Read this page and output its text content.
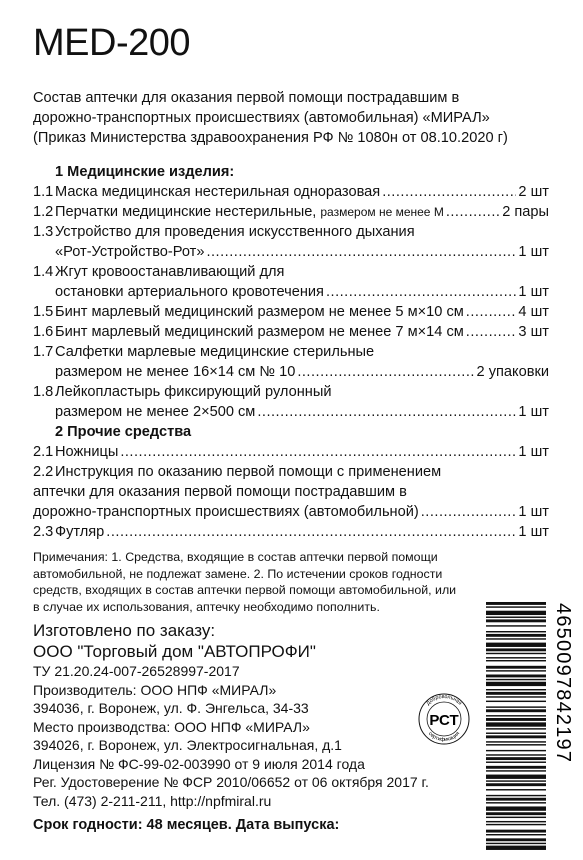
MED-200
Состав аптечки для оказания первой помощи пострадавшим в
дорожно-транспортных происшествиях (автомобильная) «МИРАЛ»
(Приказ Министерства здравоохранения РФ № 1080н от 08.10.2020 г)
1 Медицинские изделия:
1.1 Маска медицинская нестерильная одноразовая .....	2 шт
1.2 Перчатки медицинские нестерильные, размером не менее M .....	2 пары
1.3 Устройство для проведения искусственного дыхания
«Рот-Устройство-Рот» .....	1 шт
1.4 Жгут кровоостанавливающий для
остановки артериального кровотечения .....	1 шт
1.5 Бинт марлевый медицинский размером не менее 5 м×10 см .....	4 шт
1.6 Бинт марлевый медицинский размером не менее 7 м×14 см .....	3 шт
1.7 Салфетки марлевые медицинские стерильные
размером не менее 16×14 см № 10 .....	2 упаковки
1.8 Лейкопластырь фиксирующий рулонный
размером не менее 2×500 см .....	1 шт
2 Прочие средства
2.1 Ножницы .....	1 шт
2.2 Инструкция по оказанию первой помощи с применением
аптечки для оказания первой помощи пострадавшим в
дорожно-транспортных происшествиях (автомобильной) .....	1 шт
2.3 Футляр .....	1 шт
Примечания: 1. Средства, входящие в состав аптечки первой помощи
автомобильной, не подлежат замене. 2. По истечении сроков годности
средств, входящих в состав аптечки первой помощи автомобильной, или
в случае их использования, аптечку необходимо пополнить.
Изготовлено по заказу:
ООО "Торговый дом "АВТОПРОФИ"
ТУ 21.20.24-007-26528997-2017
Производитель: ООО НПФ «МИРАЛ»
394036, г. Воронеж, ул. Ф. Энгельса, 34-33
Место производства: ООО НПФ «МИРАЛ»
394026, г. Воронеж, ул. Электросигнальная, д.1
Лицензия № ФС-99-02-003990 от 9 июля 2014 года
Рег. Удостоверение № ФСР 2010/06652 от 06 октября 2017 г.
Тел. (473) 2-211-211, http://npfmiral.ru
Срок годности: 48 месяцев. Дата выпуска:
Добровольная
сертификация
РСТ	4650097842197
